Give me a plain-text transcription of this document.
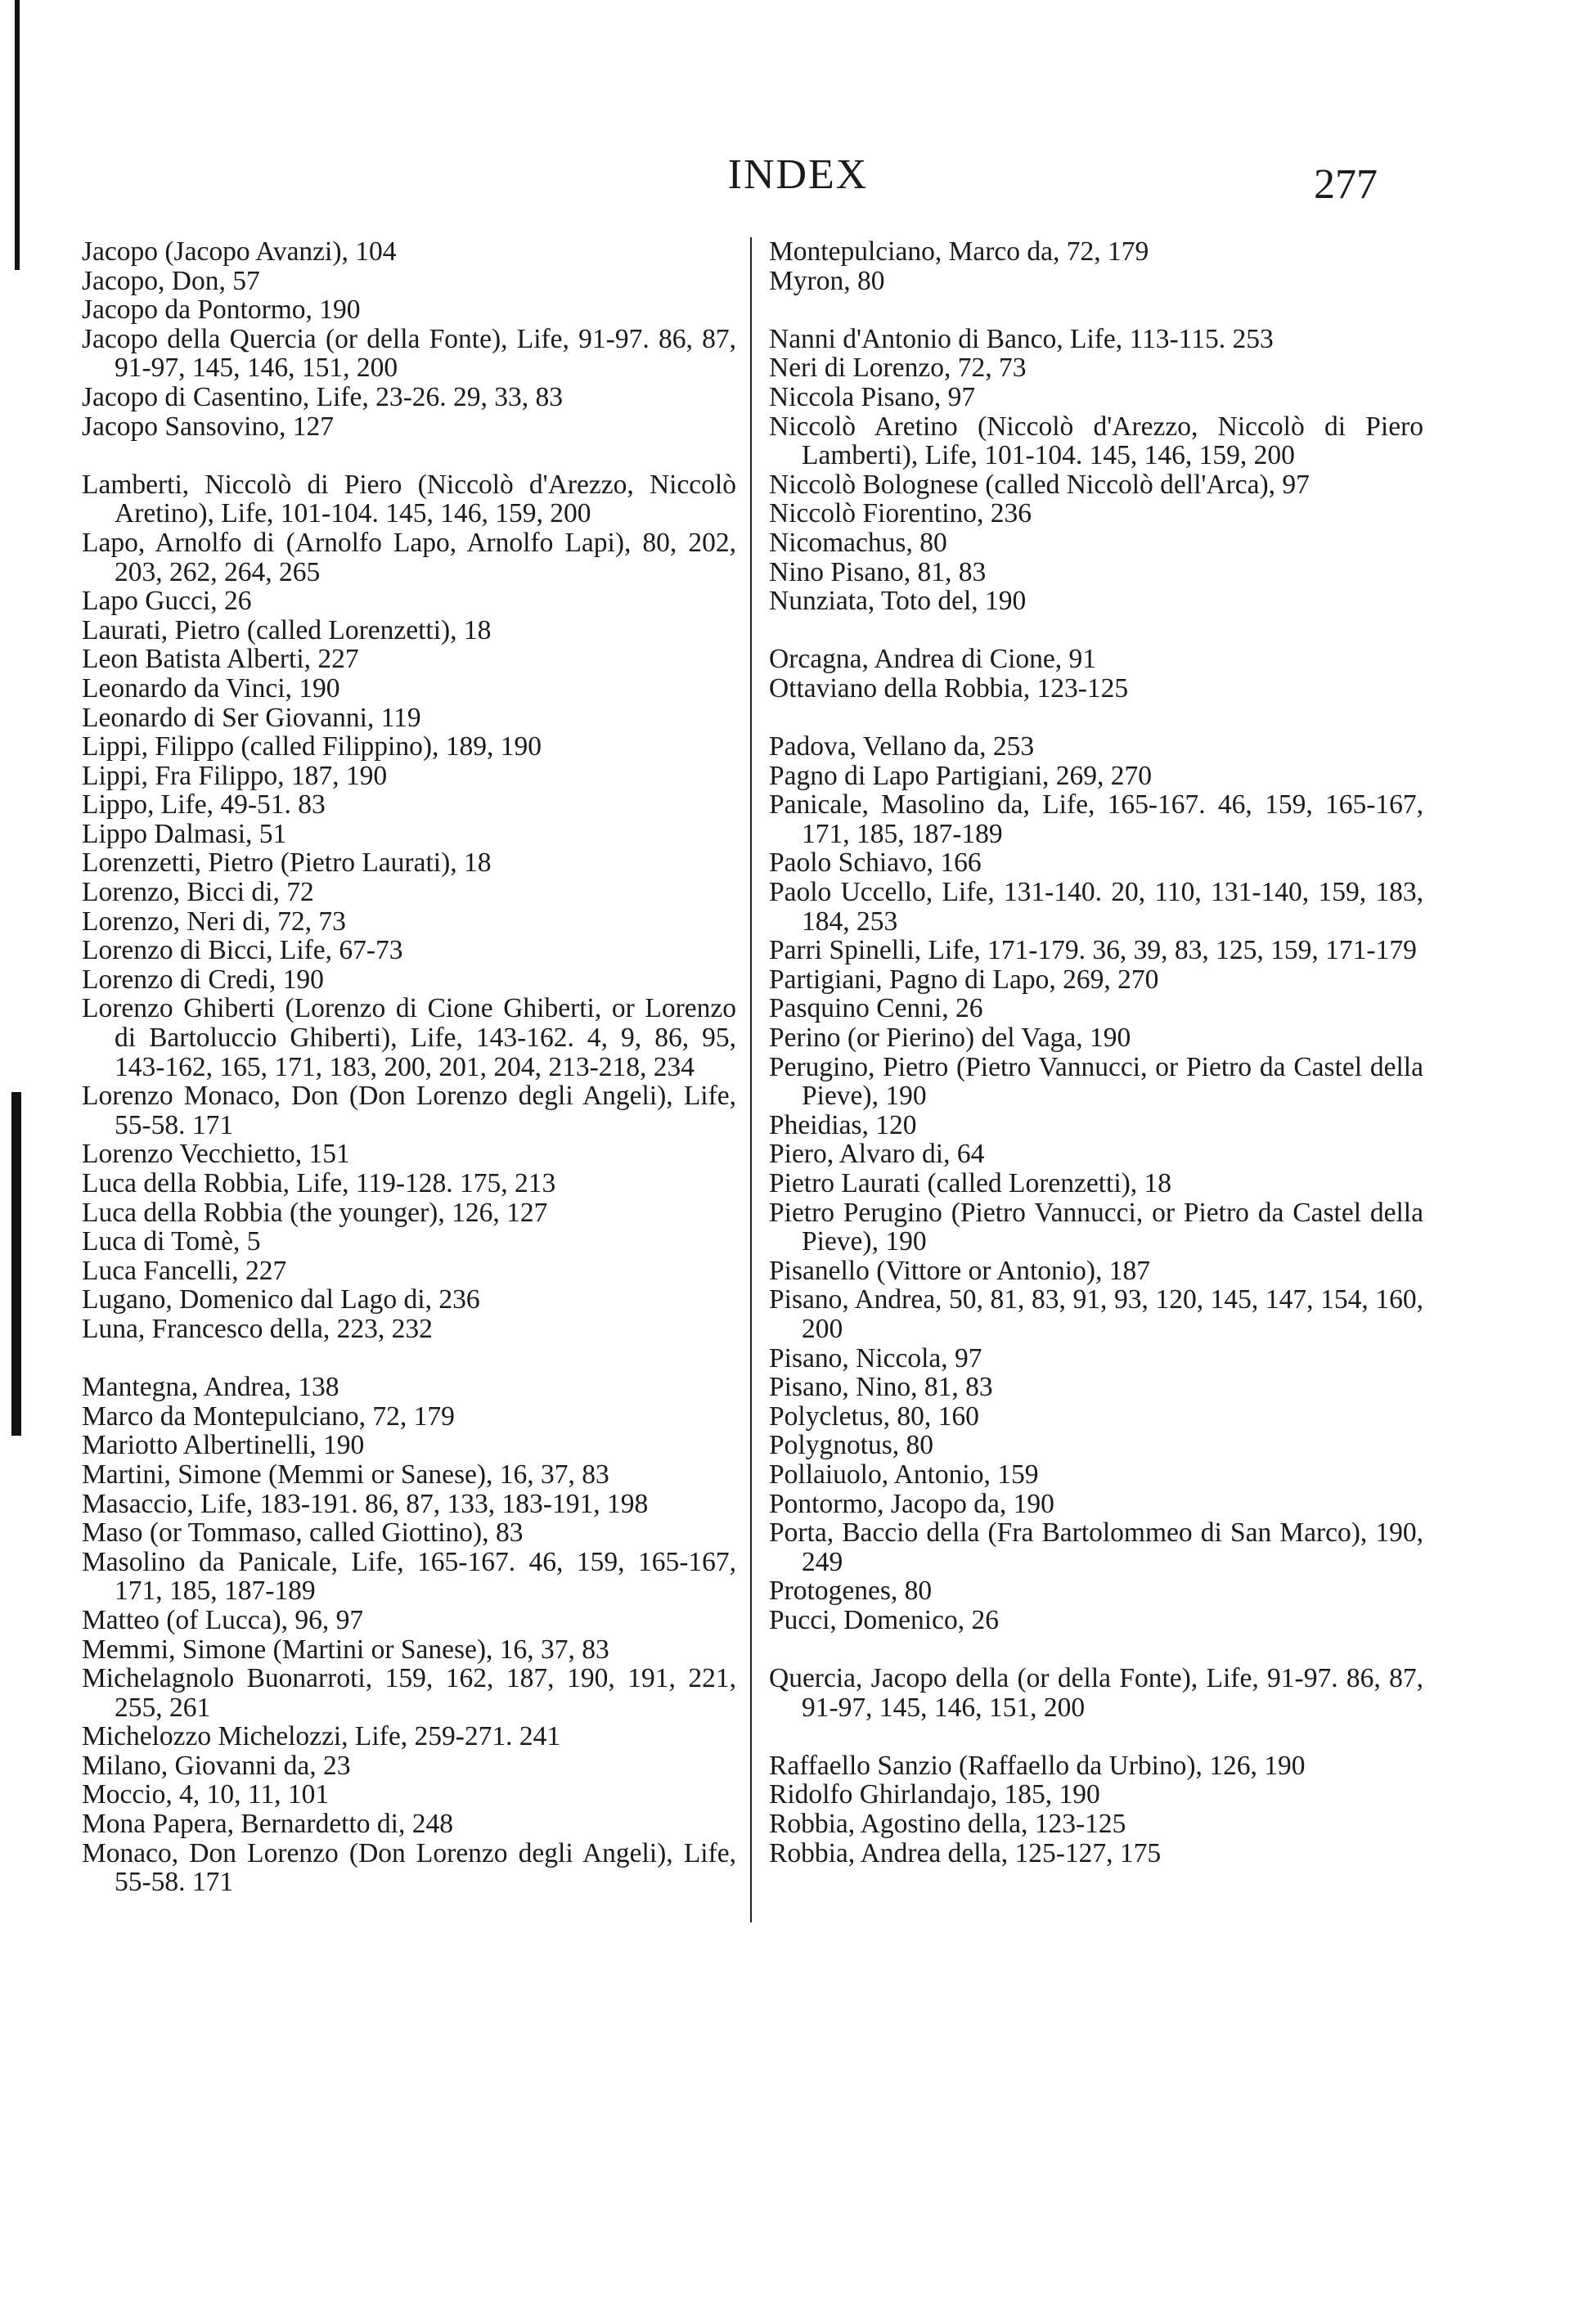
INDEX	277
Jacopo (Jacopo Avanzi), 104
Jacopo, Don, 57
Jacopo da Pontormo, 190
Jacopo della Quercia (or della Fonte), Life, 91-97. 86, 87, 91-97, 145, 146, 151, 200
Jacopo di Casentino, Life, 23-26. 29, 33, 83
Jacopo Sansovino, 127
Lamberti, Niccolò di Piero (Niccolò d'Arezzo, Niccolò Aretino), Life, 101-104. 145, 146, 159, 200
Lapo, Arnolfo di (Arnolfo Lapo, Arnolfo Lapi), 80, 202, 203, 262, 264, 265
Lapo Gucci, 26
Laurati, Pietro (called Lorenzetti), 18
Leon Batista Alberti, 227
Leonardo da Vinci, 190
Leonardo di Ser Giovanni, 119
Lippi, Filippo (called Filippino), 189, 190
Lippi, Fra Filippo, 187, 190
Lippo, Life, 49-51. 83
Lippo Dalmasi, 51
Lorenzetti, Pietro (Pietro Laurati), 18
Lorenzo, Bicci di, 72
Lorenzo, Neri di, 72, 73
Lorenzo di Bicci, Life, 67-73
Lorenzo di Credi, 190
Lorenzo Ghiberti (Lorenzo di Cione Ghiberti, or Lorenzo di Bartoluccio Ghiberti), Life, 143-162. 4, 9, 86, 95, 143-162, 165, 171, 183, 200, 201, 204, 213-218, 234
Lorenzo Monaco, Don (Don Lorenzo degli Angeli), Life, 55-58. 171
Lorenzo Vecchietto, 151
Luca della Robbia, Life, 119-128. 175, 213
Luca della Robbia (the younger), 126, 127
Luca di Tomè, 5
Luca Fancelli, 227
Lugano, Domenico dal Lago di, 236
Luna, Francesco della, 223, 232
Mantegna, Andrea, 138
Marco da Montepulciano, 72, 179
Mariotto Albertinelli, 190
Martini, Simone (Memmi or Sanese), 16, 37, 83
Masaccio, Life, 183-191. 86, 87, 133, 183-191, 198
Maso (or Tommaso, called Giottino), 83
Masolino da Panicale, Life, 165-167. 46, 159, 165-167, 171, 185, 187-189
Matteo (of Lucca), 96, 97
Memmi, Simone (Martini or Sanese), 16, 37, 83
Michelagnolo Buonarroti, 159, 162, 187, 190, 191, 221, 255, 261
Michelozzo Michelozzi, Life, 259-271. 241
Milano, Giovanni da, 23
Moccio, 4, 10, 11, 101
Mona Papera, Bernardetto di, 248
Monaco, Don Lorenzo (Don Lorenzo degli Angeli), Life, 55-58. 171
Montepulciano, Marco da, 72, 179
Myron, 80
Nanni d'Antonio di Banco, Life, 113-115. 253
Neri di Lorenzo, 72, 73
Niccola Pisano, 97
Niccolò Aretino (Niccolò d'Arezzo, Niccolò di Piero Lamberti), Life, 101-104. 145, 146, 159, 200
Niccolò Bolognese (called Niccolò dell'Arca), 97
Niccolò Fiorentino, 236
Nicomachus, 80
Nino Pisano, 81, 83
Nunziata, Toto del, 190
Orcagna, Andrea di Cione, 91
Ottaviano della Robbia, 123-125
Padova, Vellano da, 253
Pagno di Lapo Partigiani, 269, 270
Panicale, Masolino da, Life, 165-167. 46, 159, 165-167, 171, 185, 187-189
Paolo Schiavo, 166
Paolo Uccello, Life, 131-140. 20, 110, 131-140, 159, 183, 184, 253
Parri Spinelli, Life, 171-179. 36, 39, 83, 125, 159, 171-179
Partigiani, Pagno di Lapo, 269, 270
Pasquino Cenni, 26
Perino (or Pierino) del Vaga, 190
Perugino, Pietro (Pietro Vannucci, or Pietro da Castel della Pieve), 190
Pheidias, 120
Piero, Alvaro di, 64
Pietro Laurati (called Lorenzetti), 18
Pietro Perugino (Pietro Vannucci, or Pietro da Castel della Pieve), 190
Pisanello (Vittore or Antonio), 187
Pisano, Andrea, 50, 81, 83, 91, 93, 120, 145, 147, 154, 160, 200
Pisano, Niccola, 97
Pisano, Nino, 81, 83
Polycletus, 80, 160
Polygnotus, 80
Pollaiuolo, Antonio, 159
Pontormo, Jacopo da, 190
Porta, Baccio della (Fra Bartolommeo di San Marco), 190, 249
Protogenes, 80
Pucci, Domenico, 26
Quercia, Jacopo della (or della Fonte), Life, 91-97. 86, 87, 91-97, 145, 146, 151, 200
Raffaello Sanzio (Raffaello da Urbino), 126, 190
Ridolfo Ghirlandajo, 185, 190
Robbia, Agostino della, 123-125
Robbia, Andrea della, 125-127, 175
